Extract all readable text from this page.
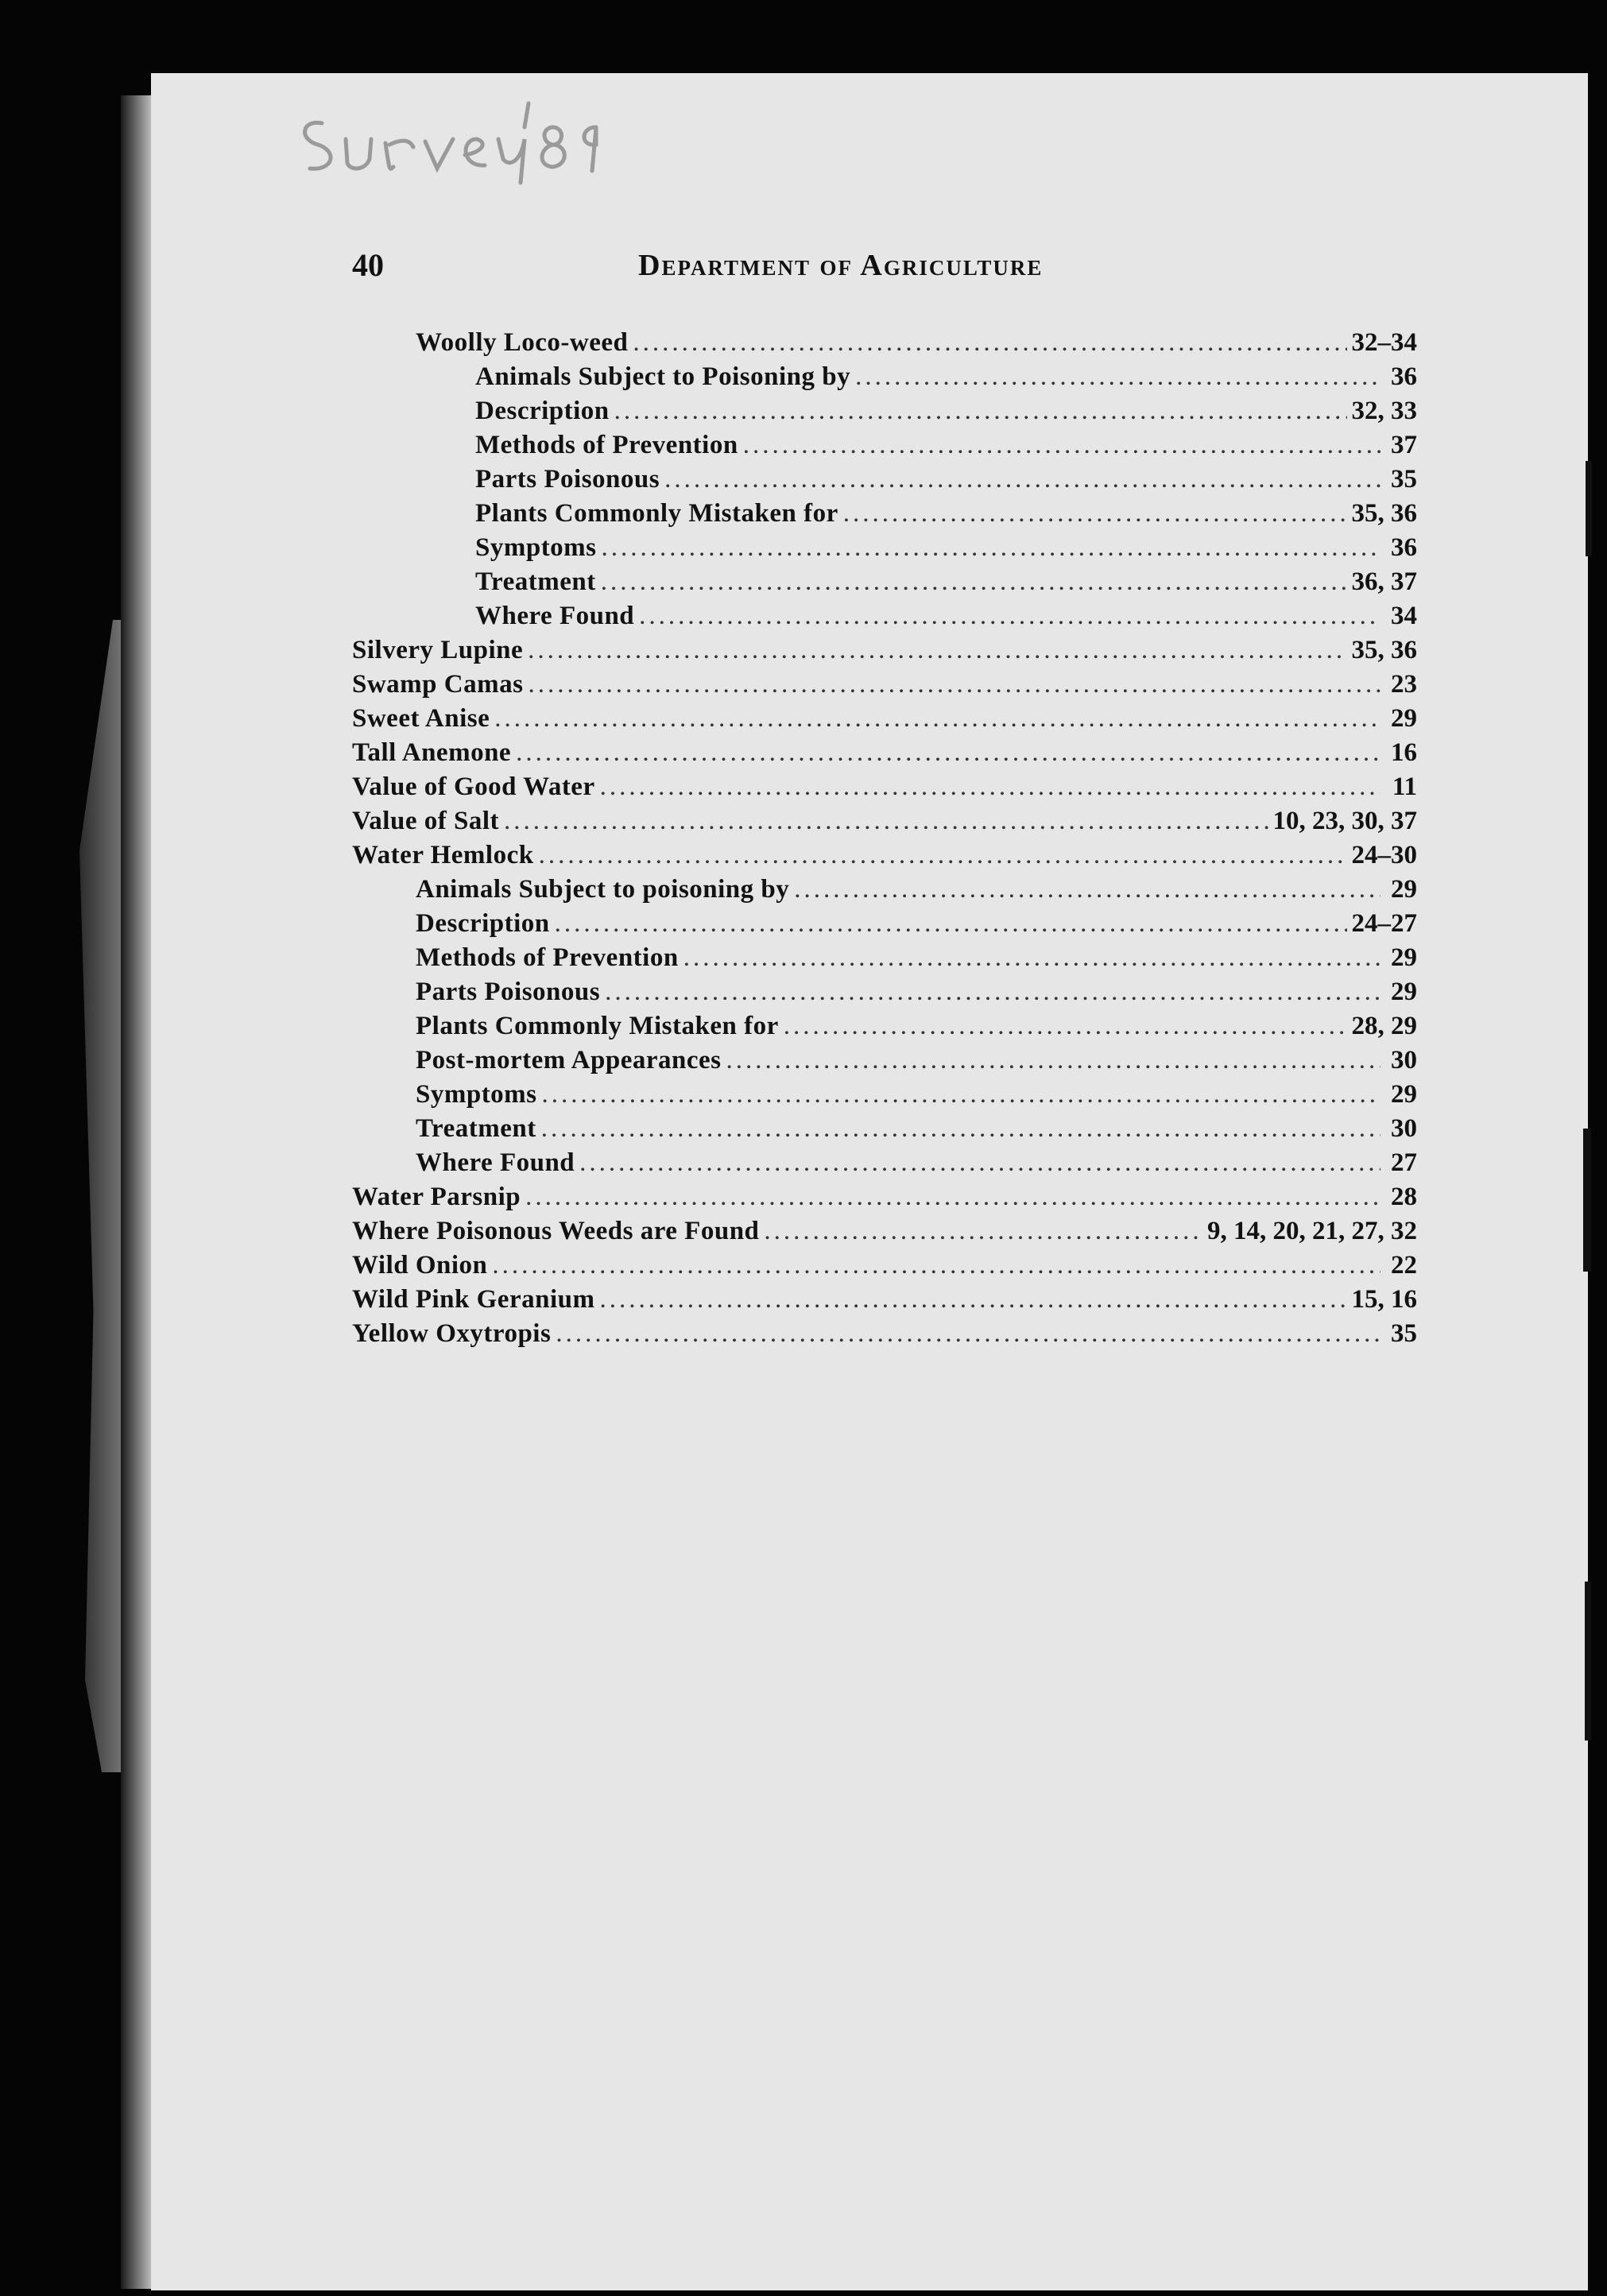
40	Department of Agriculture
Woolly Loco-weed .....	32–34
Animals Subject to Poisoning by .....	36
Description .....	32, 33
Methods of Prevention .....	37
Parts Poisonous .....	35
Plants Commonly Mistaken for .....	35, 36
Symptoms .....	36
Treatment .....	36, 37
Where Found .....	34
Silvery Lupine .....	35, 36
Swamp Camas .....	23
Sweet Anise .....	29
Tall Anemone .....	16
Value of Good Water .....	11
Value of Salt .....	10, 23, 30, 37
Water Hemlock .....	24–30
Animals Subject to poisoning by .....	29
Description .....	24–27
Methods of Prevention .....	29
Parts Poisonous .....	29
Plants Commonly Mistaken for .....	28, 29
Post-mortem Appearances .....	30
Symptoms .....	29
Treatment .....	30
Where Found .....	27
Water Parsnip .....	28
Where Poisonous Weeds are Found .....	9, 14, 20, 21, 27, 32
Wild Onion .....	22
Wild Pink Geranium .....	15, 16
Yellow Oxytropis .....	35
